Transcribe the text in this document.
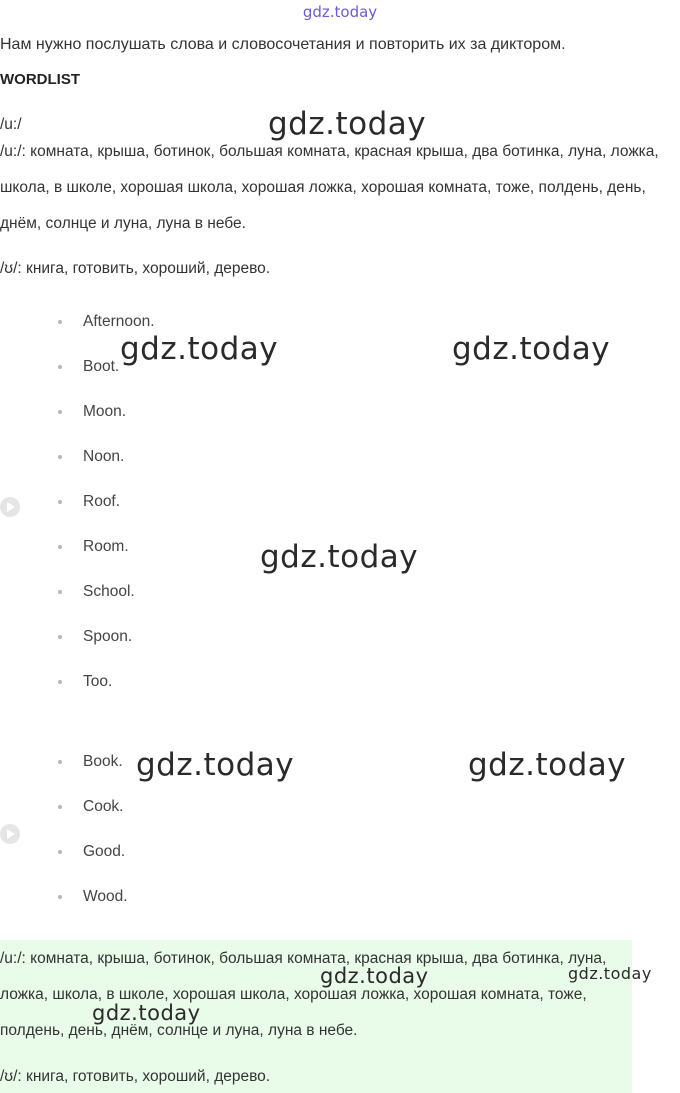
gdz.today
Нам нужно послушать слова и словосочетания и повторить их за диктором.
WORDLIST
/u:/
/u:/: комната, крыша, ботинок, большая комната, красная крыша, два ботинка, луна, ложка, школа, в школе, хорошая школа, хорошая ложка, хорошая комната, тоже, полдень, день, днём, солнце и луна, луна в небе.
/ʊ/: книга, готовить, хороший, дерево.
Afternoon.
Boot.
Moon.
Noon.
Roof.
Room.
School.
Spoon.
Too.
Book.
Cook.
Good.
Wood.
/u:/: комната, крыша, ботинок, большая комната, красная крыша, два ботинка, луна, ложка, школа, в школе, хорошая школа, хорошая ложка, хорошая комната, тоже, полдень, день, днём, солнце и луна, луна в небе.
/ʊ/: книга, готовить, хороший, дерево.
gdz.today
gdz.today	gdz.today
gdz.today
gdz.today	gdz.today
gdz.today
gdz.today
gdz.today
